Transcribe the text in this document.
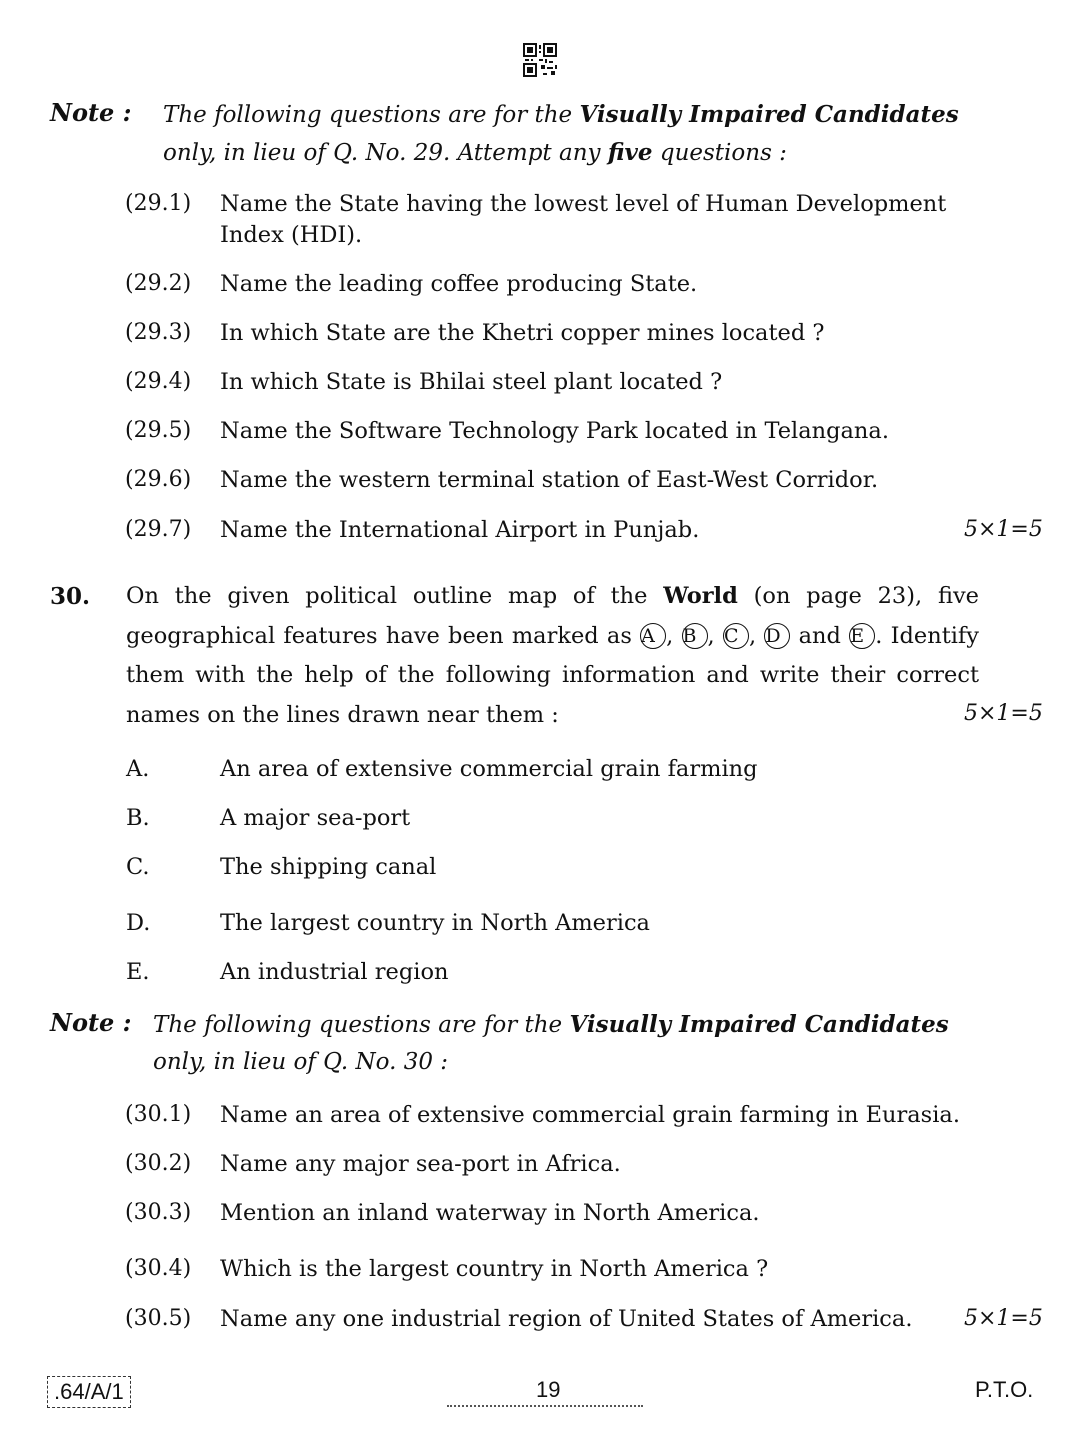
Note : The following questions are for the Visually Impaired Candidates
only, in lieu of Q. No. 29. Attempt any five questions :
(29.1) Name the State having the lowest level of Human Development
Index (HDI).
(29.2) Name the leading coffee producing State.
(29.3) In which State are the Khetri copper mines located ?
(29.4) In which State is Bhilai steel plant located ?
(29.5) Name the Software Technology Park located in Telangana.
(29.6) Name the western terminal station of East-West Corridor.
(29.7) Name the International Airport in Punjab.	5×1=5
30. On the given political outline map of the World (on page 23), five geographical features have been marked as A , B , C , D and E . Identify them with the help of the following information and write their correct names on the lines drawn near them :	5×1=5
A.	An area of extensive commercial grain farming
B.	A major sea-port
C.	The shipping canal
D.	The largest country in North America
E.	An industrial region
Note : The following questions are for the Visually Impaired Candidates
only, in lieu of Q. No. 30 :
(30.1) Name an area of extensive commercial grain farming in Eurasia.
(30.2) Name any major sea-port in Africa.
(30.3) Mention an inland waterway in North America.
(30.4) Which is the largest country in North America ?
(30.5) Name any one industrial region of United States of America. 5×1=5
.64/A/1	19	P.T.O.
